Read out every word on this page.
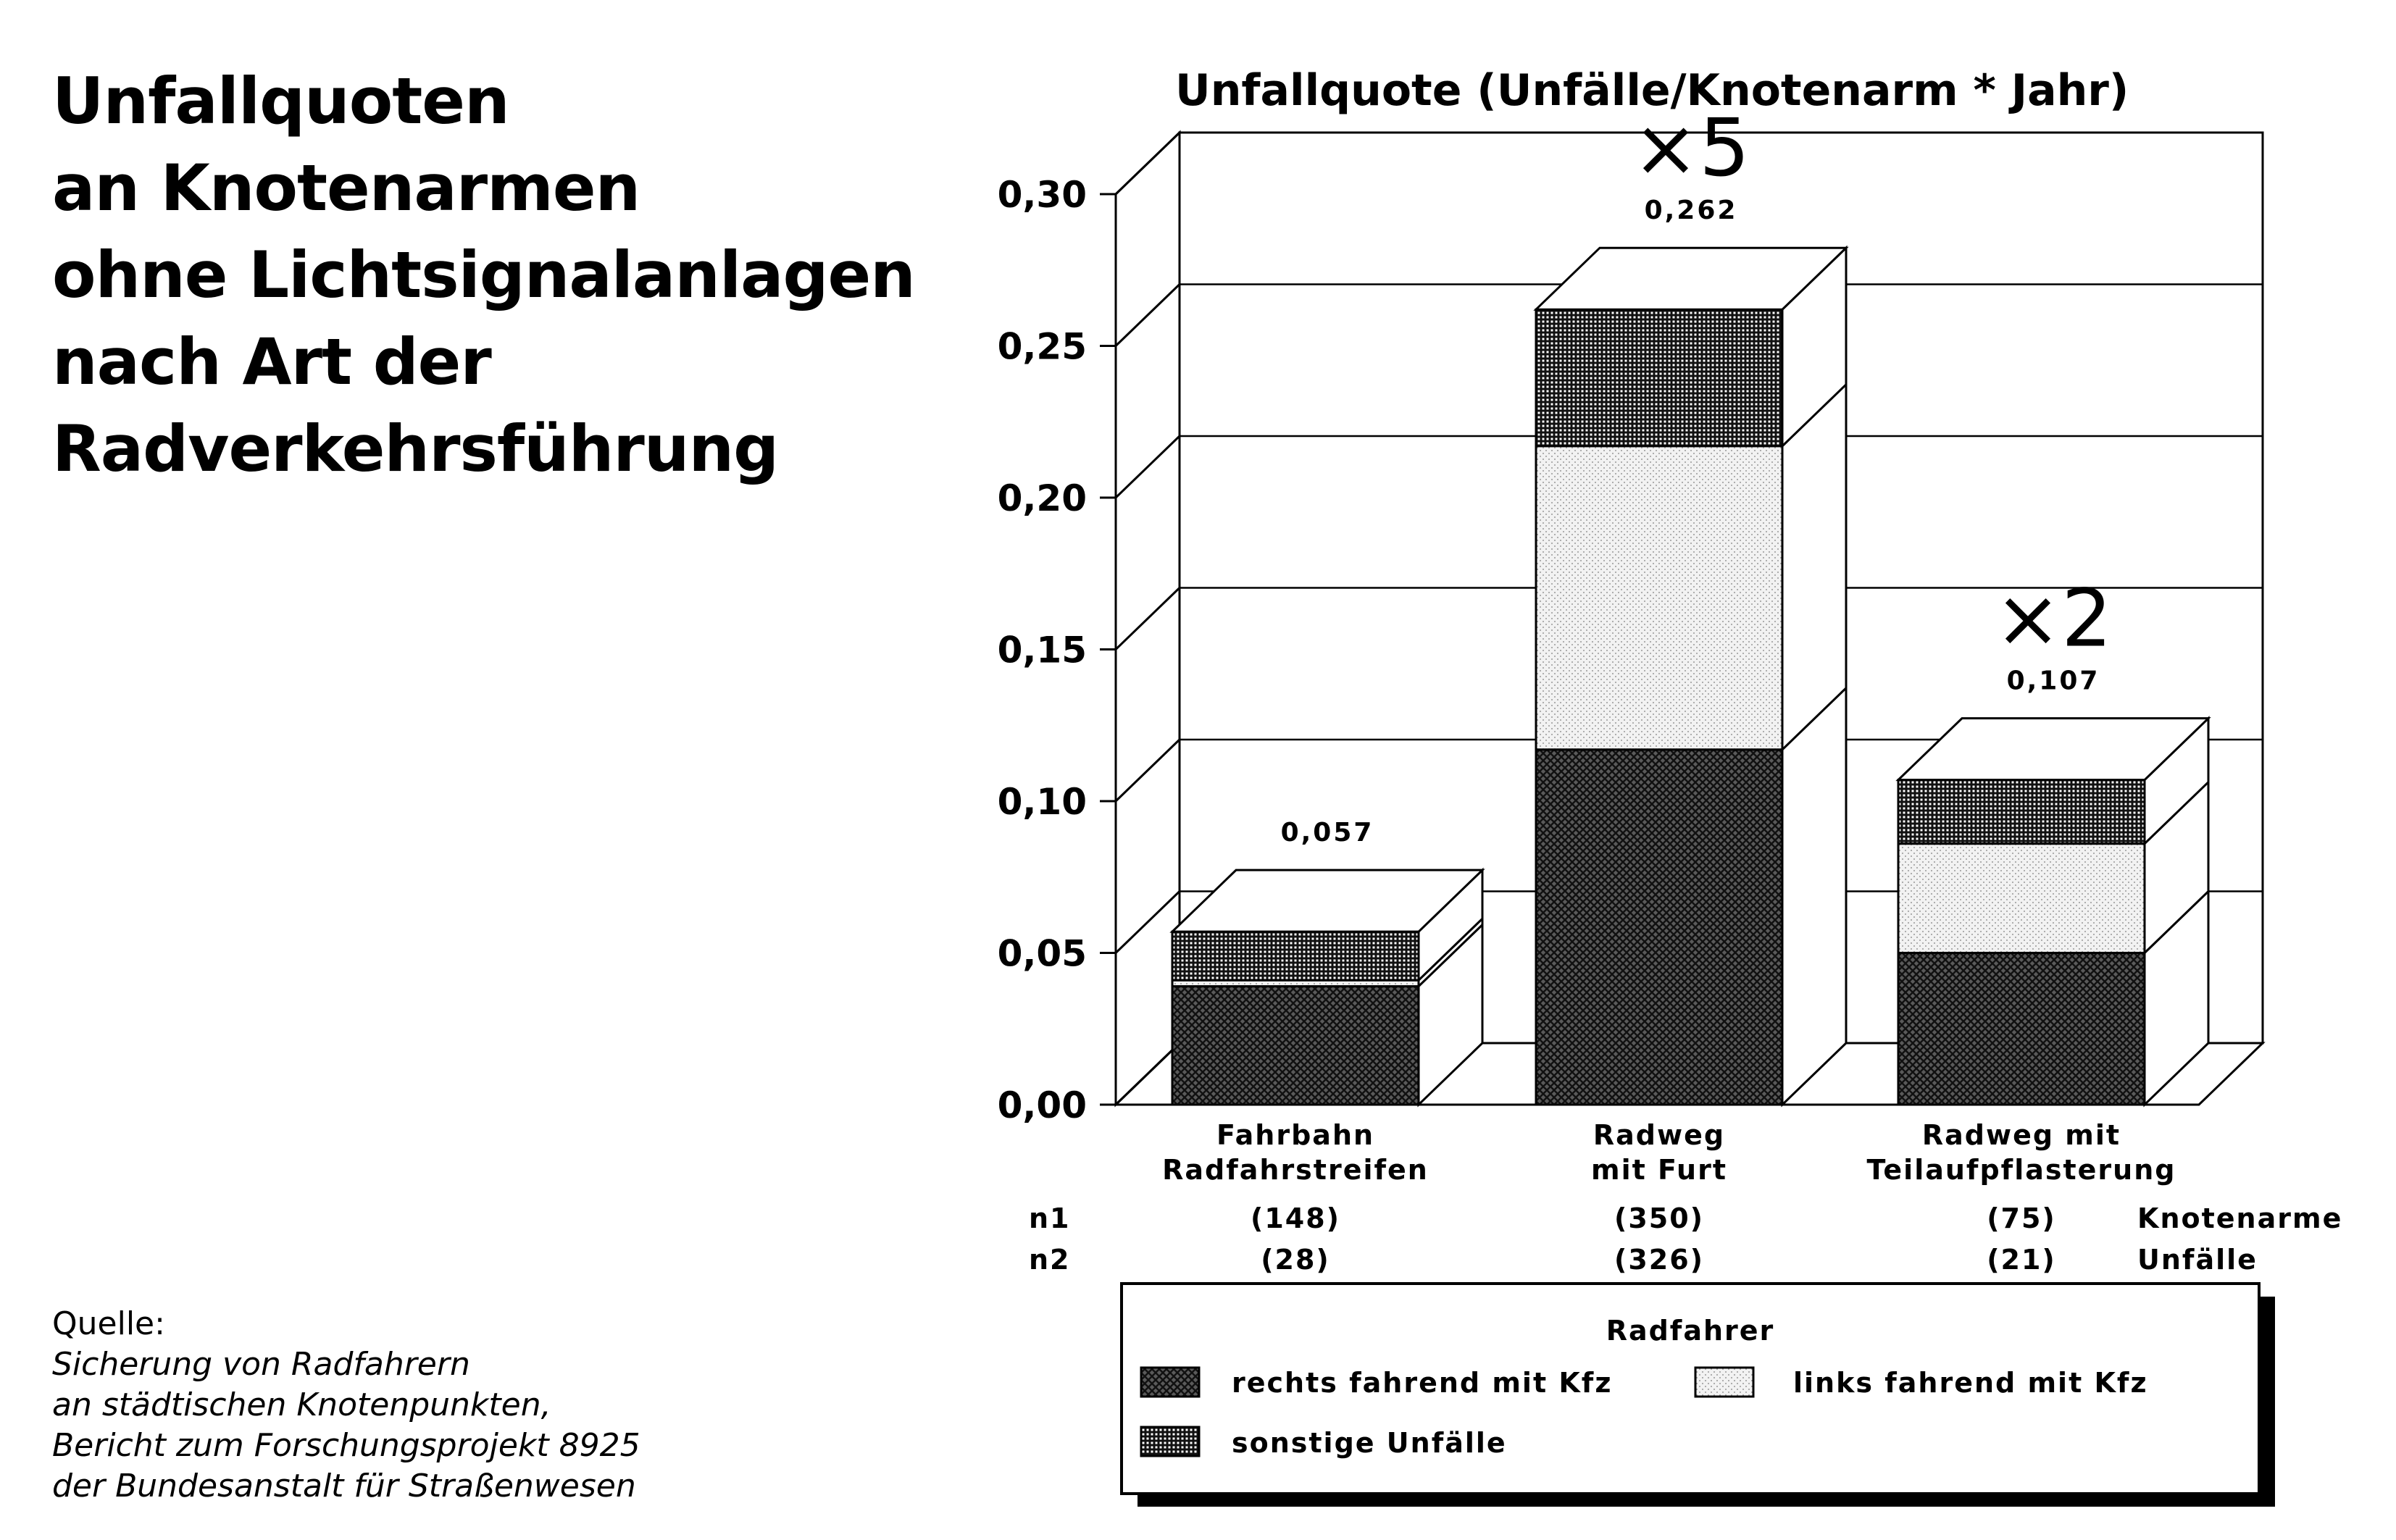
Unfallquoten
an Knotenarmen
ohne Lichtsignalanlagen
nach Art der
Radverkehrsführung
Quelle:
Sicherung von Radfahrern
an städtischen Knotenpunkten,
Bericht zum Forschungsprojekt 8925
der Bundesanstalt für Straßenwesen
Unfallquote (Unfälle/Knotenarm * Jahr)
0,00
0,05
0,10
0,15
0,20
0,25
0,30
0,057
0,262
×5
0,107
×2
Fahrbahn
Radfahrstreifen
Radweg
mit Furt
Radweg mit
Teilaufpflasterung
n1	(148)	(350)	(75)	Knotenarme
n2	(28)	(326)	(21)	Unfälle
Radfahrer
rechts fahrend mit Kfz	links fahrend mit Kfz
sonstige Unfälle
